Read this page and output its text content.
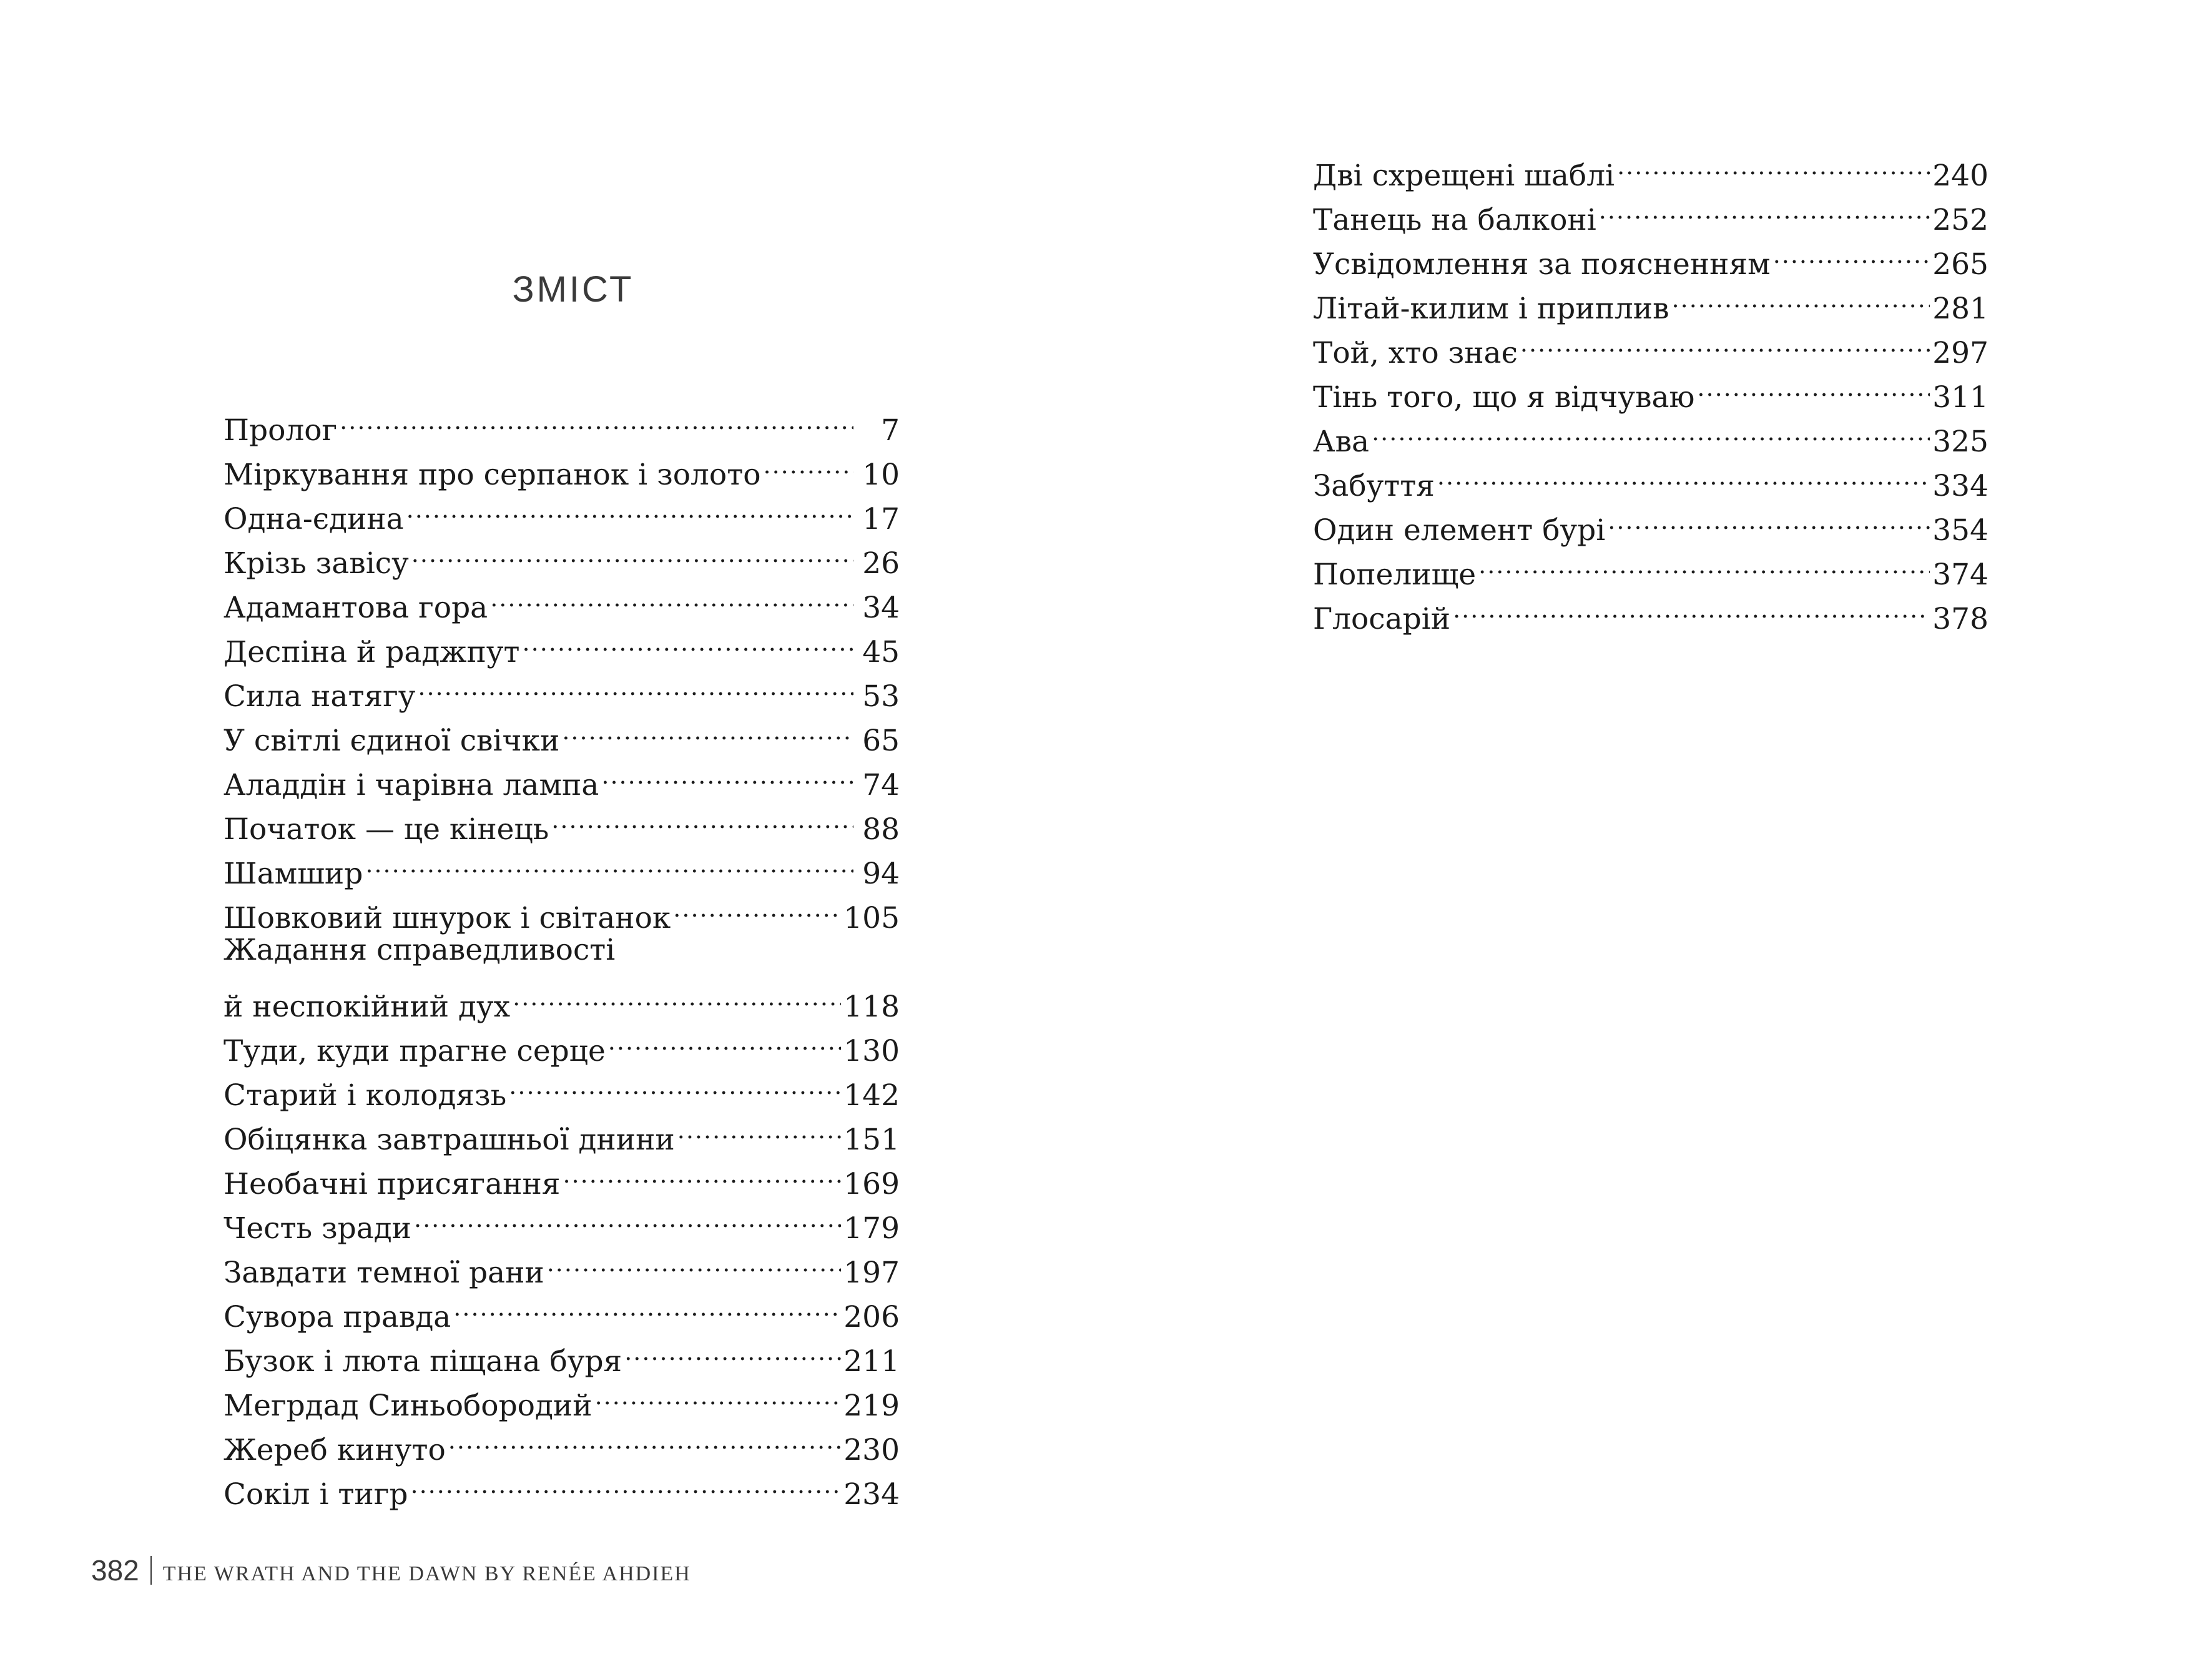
ЗМІСТ
Пролог .....	7
Міркування про серпанок і золото .....	10
Одна-єдина .....	17
Крізь завісу .....	26
Адамантова гора .....	34
Деспіна й раджпут .....	45
Сила натягу .....	53
У світлі єдиної свічки .....	65
Аладдін і чарівна лампа .....	74
Початок — це кінець .....	88
Шамшир .....	94
Шовковий шнурок і світанок .....	105
Жадання справедливості
й неспокійний дух .....	118
Туди, куди прагне серце .....	130
Старий і колодязь .....	142
Обіцянка завтрашньої днини .....	151
Необачні присягання .....	169
Честь зради .....	179
Завдати темної рани .....	197
Сувора правда .....	206
Бузок і люта піщана буря .....	211
Мегрдад Синьобородий .....	219
Жереб кинуто .....	230
Сокіл і тигр .....	234
Дві схрещені шаблі .....	240
Танець на балконі .....	252
Усвідомлення за поясненням .....	265
Літай-килим і приплив .....	281
Той, хто знає .....	297
Тінь того, що я відчуваю .....	311
Ава .....	325
Забуття .....	334
Один елемент бурі .....	354
Попелище .....	374
Глосарій .....	378
382 THE WRATH AND THE DAWN BY RENÉE AHDIEH
